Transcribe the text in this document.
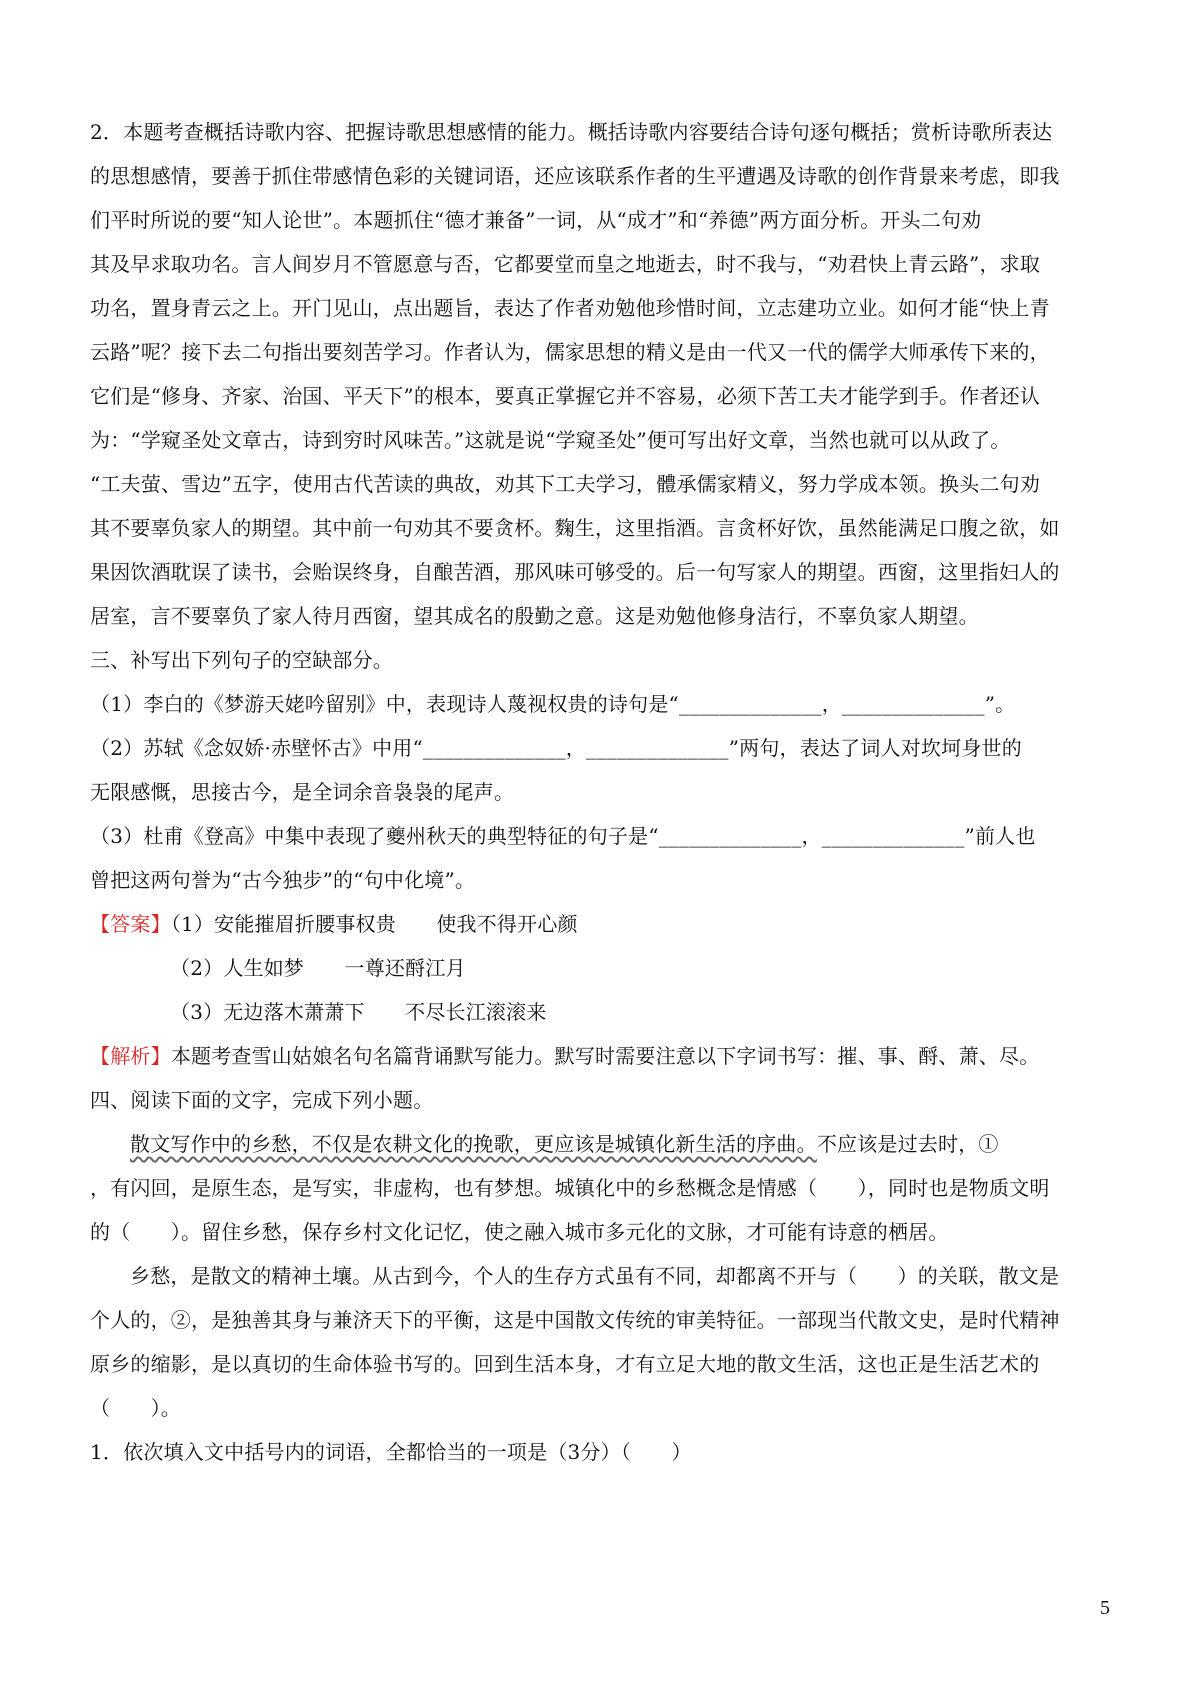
2．本题考查概括诗歌内容、把握诗歌思想感情的能力。概括诗歌内容要结合诗句逐句概括；赏析诗歌所表达
的思想感情，要善于抓住带感情色彩的关键词语，还应该联系作者的生平遭遇及诗歌的创作背景来考虑，即我
们平时所说的要“知人论世”。本题抓住“德才兼备”一词，从“成才”和“养德”两方面分析。开头二句劝
其及早求取功名。言人间岁月不管愿意与否，它都要堂而皇之地逝去，时不我与，“劝君快上青云路”，求取
功名，置身青云之上。开门见山，点出题旨，表达了作者劝勉他珍惜时间，立志建功立业。如何才能“快上青
云路”呢？接下去二句指出要刻苦学习。作者认为，儒家思想的精义是由一代又一代的儒学大师承传下来的，
它们是“修身、齐家、治国、平天下”的根本，要真正掌握它并不容易，必须下苦工夫才能学到手。作者还认
为：“学窥圣处文章古，诗到穷时风味苦。”这就是说“学窥圣处”便可写出好文章，当然也就可以从政了。
“工夫萤、雪边”五字，使用古代苦读的典故，劝其下工夫学习，體承儒家精义，努力学成本领。换头二句劝
其不要辜负家人的期望。其中前一句劝其不要贪杯。麴生，这里指酒。言贪杯好饮，虽然能满足口腹之欲，如
果因饮酒耽误了读书，会贻误终身，自酿苦酒，那风味可够受的。后一句写家人的期望。西窗，这里指妇人的
居室，言不要辜负了家人待月西窗，望其成名的殷勤之意。这是劝勉他修身洁行，不辜负家人期望。
三、补写出下列句子的空缺部分。
（1）李白的《梦游天姥吟留别》中，表现诗人蔑视权贵的诗句是“______________，______________”。
（2）苏轼《念奴娇·赤壁怀古》中用“______________，______________”两句，表达了词人对坎坷身世的
无限感慨，思接古今，是全词余音袅袅的尾声。
（3）杜甫《登高》中集中表现了夔州秋天的典型特征的句子是“______________，______________”前人也
曾把这两句誉为“古今独步”的“句中化境”。
【答案】（1）安能摧眉折腰事权贵　　使我不得开心颜
（2）人生如梦　　一尊还酹江月
（3）无边落木萧萧下　　不尽长江滚滚来
【解析】本题考查雪山姑娘名句名篇背诵默写能力。默写时需要注意以下字词书写：摧、事、酹、萧、尽。
四、阅读下面的文字，完成下列小题。
散文写作中的乡愁，不仅是农耕文化的挽歌，更应该是城镇化新生活的序曲。不应该是过去时，①
，有闪回，是原生态，是写实，非虚构，也有梦想。城镇化中的乡愁概念是情感（　　），同时也是物质文明
的（　　）。留住乡愁，保存乡村文化记忆，使之融入城市多元化的文脉，才可能有诗意的栖居。
乡愁，是散文的精神土壤。从古到今，个人的生存方式虽有不同，却都离不开与（　　）的关联，散文是
个人的，②，是独善其身与兼济天下的平衡，这是中国散文传统的审美特征。一部现当代散文史，是时代精神
原乡的缩影，是以真切的生命体验书写的。回到生活本身，才有立足大地的散文生活，这也正是生活艺术的
（　　）。
1．依次填入文中括号内的词语，全都恰当的一项是（3分）（　　）
5
